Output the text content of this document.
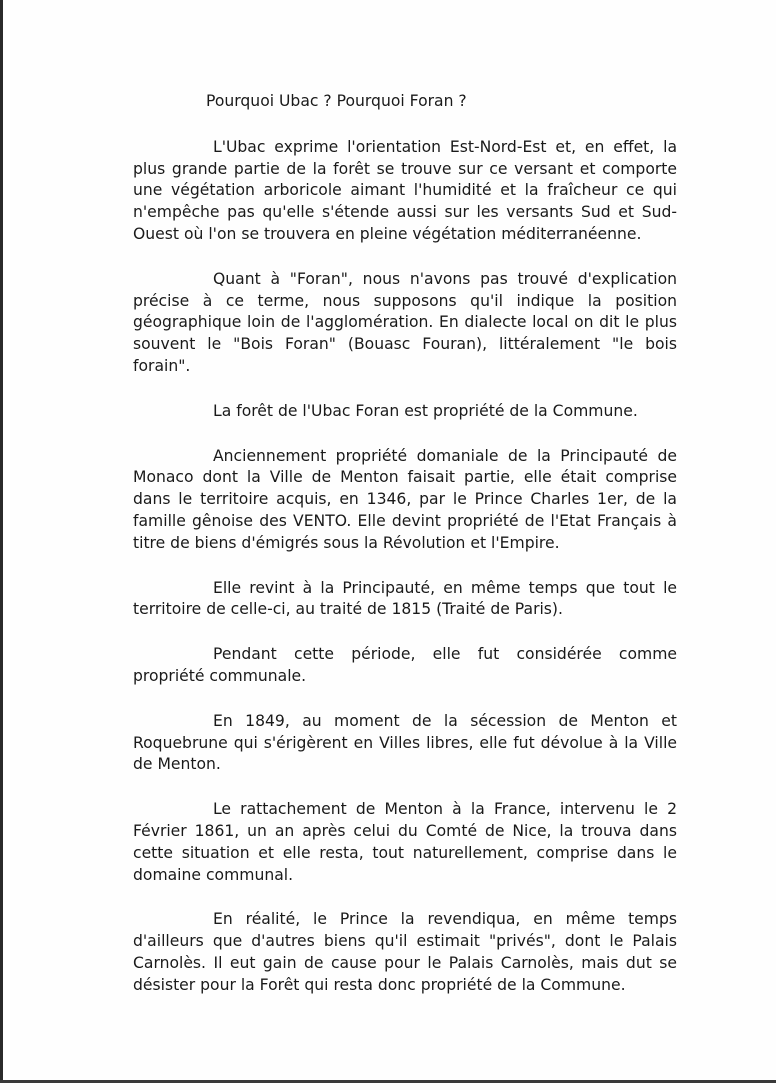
Pourquoi Ubac ? Pourquoi Foran ?

L'Ubac exprime l'orientation Est-Nord-Est et, en effet, la plus grande partie de la forêt se trouve sur ce versant et comporte une végétation arboricole aimant l'humidité et la fraîcheur ce qui n'empêche pas qu'elle s'étende aussi sur les versants Sud et Sud-Ouest où l'on se trouvera en pleine végétation méditerranéenne.

Quant à "Foran", nous n'avons pas trouvé d'explication précise à ce terme, nous supposons qu'il indique la position géographique loin de l'agglomération. En dialecte local on dit le plus souvent le "Bois Foran" (Bouasc Fouran), littéralement "le bois forain".

La forêt de l'Ubac Foran est propriété de la Commune.

Anciennement propriété domaniale de la Principauté de Monaco dont la Ville de Menton faisait partie, elle était comprise dans le territoire acquis, en 1346, par le Prince Charles 1er, de la famille gênoise des VENTO. Elle devint propriété de l'Etat Français à titre de biens d'émigrés sous la Révolution et l'Empire.

Elle revint à la Principauté, en même temps que tout le territoire de celle-ci, au traité de 1815 (Traité de Paris).

Pendant cette période, elle fut considérée comme propriété communale.

En 1849, au moment de la sécession de Menton et Roquebrune qui s'érigèrent en Villes libres, elle fut dévolue à la Ville de Menton.

Le rattachement de Menton à la France, intervenu le 2 Février 1861, un an après celui du Comté de Nice, la trouva dans cette situation et elle resta, tout naturellement, comprise dans le domaine communal.

En réalité, le Prince la revendiqua, en même temps d'ailleurs que d'autres biens qu'il estimait "privés", dont le Palais Carnolès. Il eut gain de cause pour le Palais Carnolès, mais dut se désister pour la Forêt qui resta donc propriété de la Commune.
